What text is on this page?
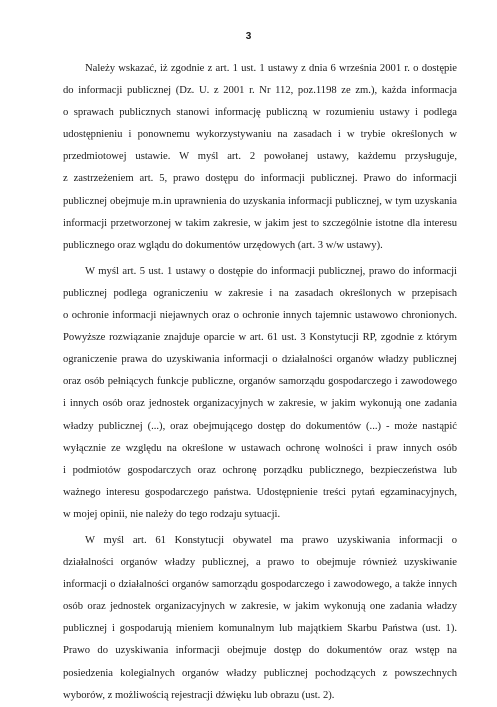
3
Należy wskazać, iż zgodnie z art. 1 ust. 1 ustawy z dnia 6 września 2001 r. o dostępie
do informacji publicznej (Dz. U. z 2001 r. Nr 112, poz.1198 ze zm.), każda informacja
o sprawach publicznych stanowi informację publiczną w rozumieniu ustawy i podlega
udostępnieniu i ponownemu wykorzystywaniu na zasadach i w trybie określonych w
przedmiotowej ustawie. W myśl art. 2 powołanej ustawy, każdemu przysługuje,
z zastrzeżeniem art. 5, prawo dostępu do informacji publicznej. Prawo do informacji
publicznej obejmuje m.in uprawnienia do uzyskania informacji publicznej, w tym uzyskania
informacji przetworzonej w takim zakresie, w jakim jest to szczególnie istotne dla interesu
publicznego oraz wglądu do dokumentów urzędowych (art. 3 w/w ustawy).
W myśl art. 5 ust. 1 ustawy o dostępie do informacji publicznej, prawo do informacji
publicznej podlega ograniczeniu w zakresie i na zasadach określonych w przepisach
o ochronie informacji niejawnych oraz o ochronie innych tajemnic ustawowo chronionych.
Powyższe rozwiązanie znajduje oparcie w art. 61 ust. 3 Konstytucji RP, zgodnie z którym
ograniczenie prawa do uzyskiwania informacji o działalności organów władzy publicznej
oraz osób pełniących funkcje publiczne, organów samorządu gospodarczego i zawodowego
i innych osób oraz jednostek organizacyjnych w zakresie, w jakim wykonują one zadania
władzy publicznej (...), oraz obejmującego dostęp do dokumentów (...) - może nastąpić
wyłącznie ze względu na określone w ustawach ochronę wolności i praw innych osób
i podmiotów gospodarczych oraz ochronę porządku publicznego, bezpieczeństwa lub
ważnego interesu gospodarczego państwa. Udostępnienie treści pytań egzaminacyjnych,
w mojej opinii, nie należy do tego rodzaju sytuacji.
W myśl art. 61 Konstytucji obywatel ma prawo uzyskiwania informacji o
działalności organów władzy publicznej, a prawo to obejmuje również uzyskiwanie
informacji o działalności organów samorządu gospodarczego i zawodowego, a także innych
osób oraz jednostek organizacyjnych w zakresie, w jakim wykonują one zadania władzy
publicznej i gospodarują mieniem komunalnym lub majątkiem Skarbu Państwa (ust. 1).
Prawo do uzyskiwania informacji obejmuje dostęp do dokumentów oraz wstęp na
posiedzenia kolegialnych organów władzy publicznej pochodzących z powszechnych
wyborów, z możliwością rejestracji dźwięku lub obrazu (ust. 2).
